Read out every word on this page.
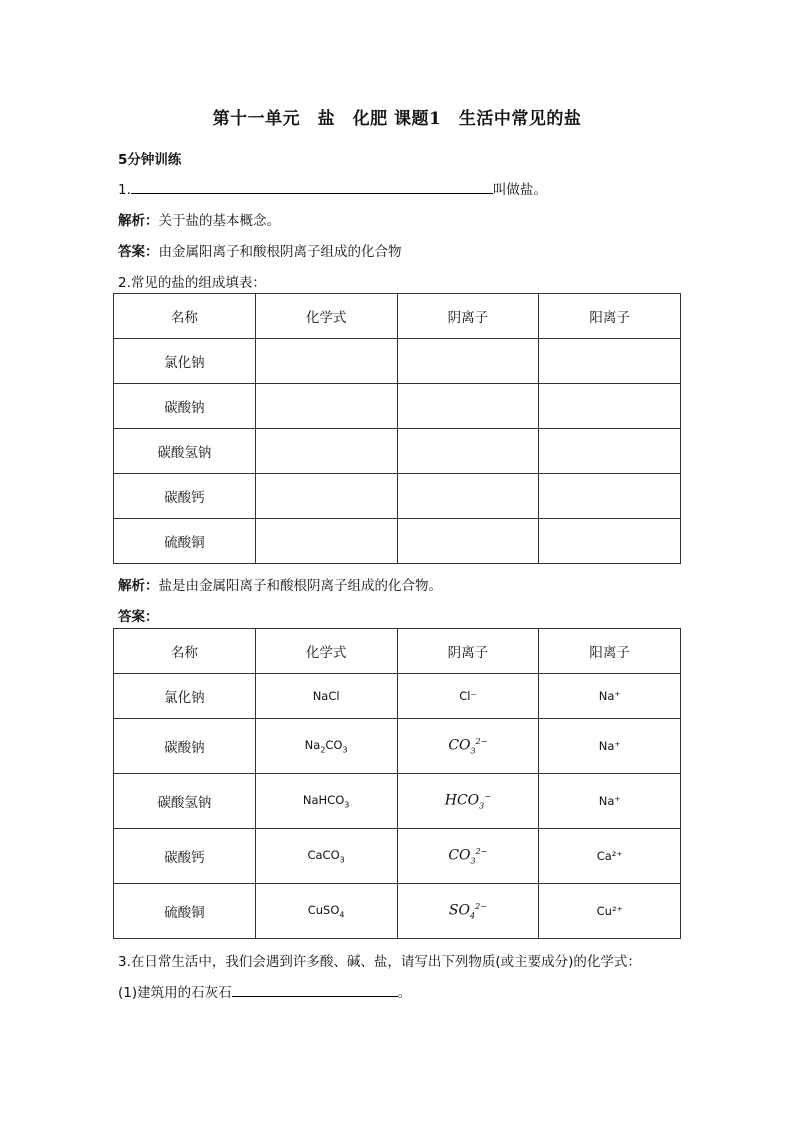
第十一单元　盐　化肥 课题1　生活中常见的盐
5分钟训练
1.	叫做盐。
解析：关于盐的基本概念。
答案：由金属阳离子和酸根阴离子组成的化合物
2.常见的盐的组成填表：
名称	化学式	阴离子	阳离子
氯化钠			
碳酸钠			
碳酸氢钠			
碳酸钙			
硫酸铜			
解析：盐是由金属阳离子和酸根阴离子组成的化合物。
答案：
名称	化学式	阴离子	阳离子
氯化钠	NaCl	Cl⁻	Na⁺
碳酸钠	$Na_2CO_3$	$CO_3^{2-}$	Na⁺
碳酸氢钠	NaHCO$_3$	$HCO_3^-$	Na⁺
碳酸钙	CaCO$_3$	$CO_3^{2-}$	Ca²⁺
硫酸铜	CuSO$_4$	$SO_4^{2-}$	Cu²⁺
3.在日常生活中，我们会遇到许多酸、碱、盐，请写出下列物质(或主要成分)的化学式：
(1)建筑用的石灰石	。
